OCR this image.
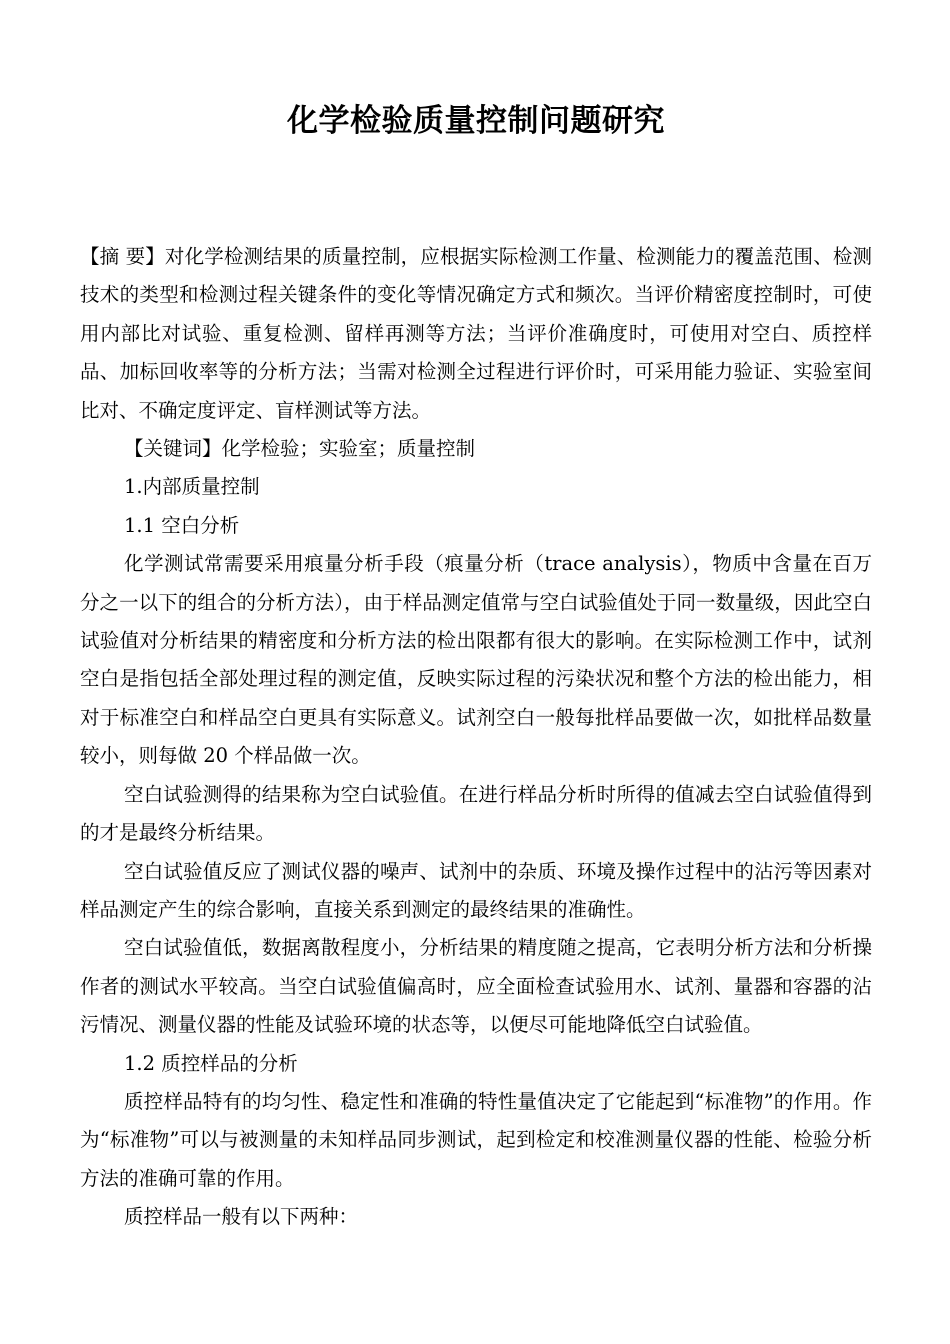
化学检验质量控制问题研究

【摘 要】对化学检测结果的质量控制，应根据实际检测工作量、检测能力的覆盖范围、检测技术的类型和检测过程关键条件的变化等情况确定方式和频次。当评价精密度控制时，可使用内部比对试验、重复检测、留样再测等方法；当评价准确度时，可使用对空白、质控样品、加标回收率等的分析方法；当需对检测全过程进行评价时，可采用能力验证、实验室间比对、不确定度评定、盲样测试等方法。

【关键词】化学检验；实验室；质量控制

1.内部质量控制

1.1 空白分析

化学测试常需要采用痕量分析手段（痕量分析（trace analysis），物质中含量在百万分之一以下的组合的分析方法），由于样品测定值常与空白试验值处于同一数量级，因此空白试验值对分析结果的精密度和分析方法的检出限都有很大的影响。在实际检测工作中，试剂空白是指包括全部处理过程的测定值，反映实际过程的污染状况和整个方法的检出能力，相对于标准空白和样品空白更具有实际意义。试剂空白一般每批样品要做一次，如批样品数量较小，则每做 20 个样品做一次。

空白试验测得的结果称为空白试验值。在进行样品分析时所得的值减去空白试验值得到的才是最终分析结果。

空白试验值反应了测试仪器的噪声、试剂中的杂质、环境及操作过程中的沾污等因素对样品测定产生的综合影响，直接关系到测定的最终结果的准确性。

空白试验值低，数据离散程度小，分析结果的精度随之提高，它表明分析方法和分析操作者的测试水平较高。当空白试验值偏高时，应全面检查试验用水、试剂、量器和容器的沾污情况、测量仪器的性能及试验环境的状态等，以便尽可能地降低空白试验值。

1.2 质控样品的分析

质控样品特有的均匀性、稳定性和准确的特性量值决定了它能起到“标准物”的作用。作为“标准物”可以与被测量的未知样品同步测试，起到检定和校准测量仪器的性能、检验分析方法的准确可靠的作用。

质控样品一般有以下两种：
